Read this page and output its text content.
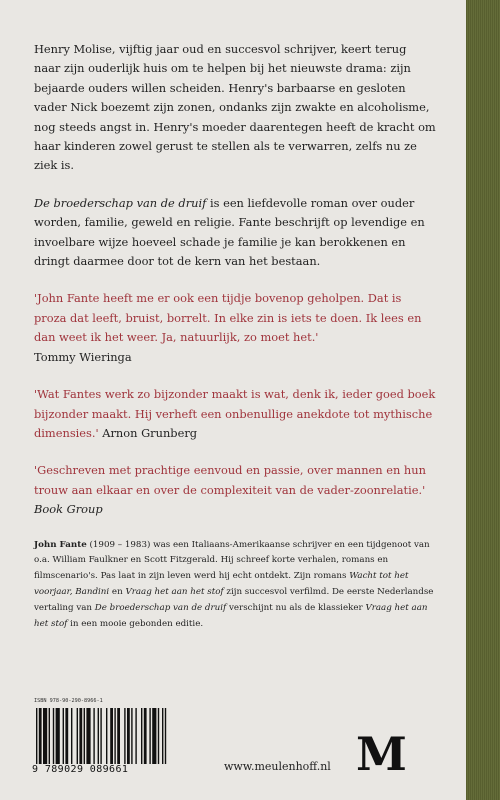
Henry Molise, vijftig jaar oud en succesvol schrijver, keert terug naar zijn ouderlijk huis om te helpen bij het nieuwste drama: zijn bejaarde ouders willen scheiden. Henry's barbaarse en gesloten vader Nick boezemt zijn zonen, ondanks zijn zwakte en alcoholisme, nog steeds angst in. Henry's moeder daarentegen heeft de kracht om haar kinderen zowel gerust te stellen als te verwarren, zelfs nu ze ziek is.

De broederschap van de druif is een liefdevolle roman over ouder worden, familie, geweld en religie. Fante beschrijft op levendige en invoelbare wijze hoeveel schade je familie je kan berokkenen en dringt daarmee door tot de kern van het bestaan.

'John Fante heeft me er ook een tijdje bovenop geholpen. Dat is proza dat leeft, bruist, borrelt. In elke zin is iets te doen. Ik lees en dan weet ik het weer. Ja, natuurlijk, zo moet het.'
Tommy Wieringa

'Wat Fantes werk zo bijzonder maakt is wat, denk ik, ieder goed boek bijzonder maakt. Hij verheft een onbenullige anekdote tot mythische dimensies.' Arnon Grunberg

'Geschreven met prachtige eenvoud en passie, over mannen en hun trouw aan elkaar en over de complexiteit van de vader-zoonrelatie.' Book Group

John Fante (1909 – 1983) was een Italiaans-Amerikaanse schrijver en een tijdgenoot van o.a. William Faulkner en Scott Fitzgerald. Hij schreef korte verhalen, romans en filmscenario's. Pas laat in zijn leven werd hij echt ontdekt. Zijn romans Wacht tot het voorjaar, Bandini en Vraag het aan het stof zijn succesvol verfilmd. De eerste Nederlandse vertaling van De broederschap van de druif verschijnt nu als de klassieker Vraag het aan het stof in een mooie gebonden editie.

ISBN 978-90-290-8966-1
9 789029 089661	www.meulenhoff.nl M
